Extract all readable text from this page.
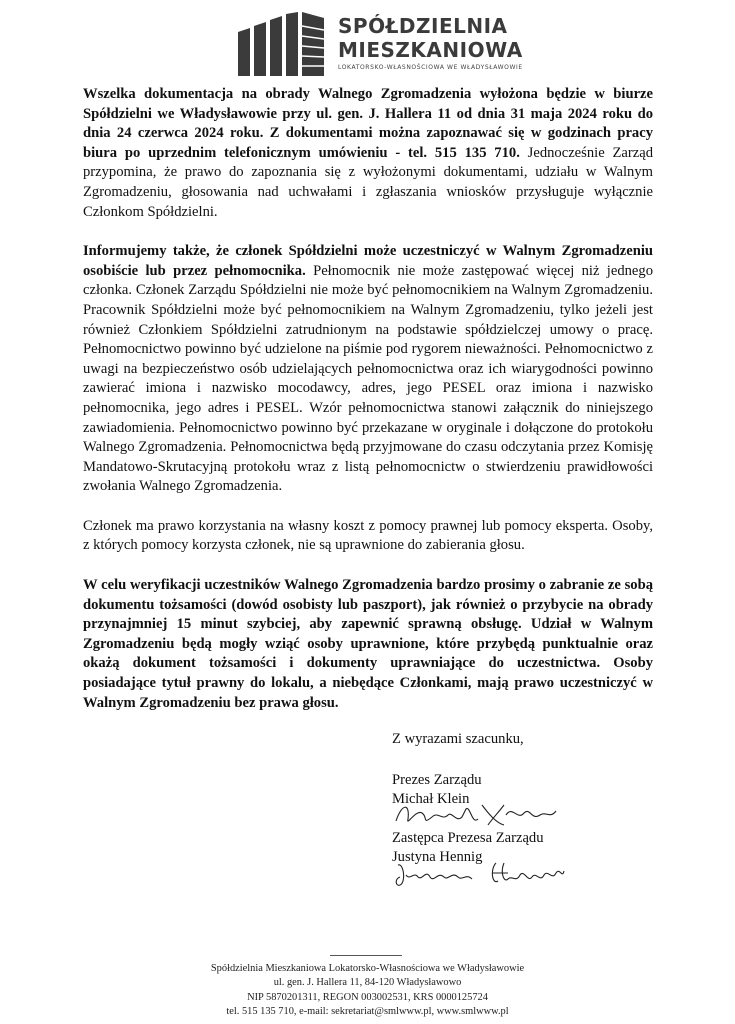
SPÓŁDZIELNIA
MIESZKANIOWA
LOKATORSKO-WŁASNOŚCIOWA WE WŁADYSŁAWOWIE

Wszelka dokumentacja na obrady Walnego Zgromadzenia wyłożona będzie w biurze Spółdzielni we Władysławowie przy ul. gen. J. Hallera 11 od dnia 31 maja 2024 roku do dnia 24 czerwca 2024 roku. Z dokumentami można zapoznawać się w godzinach pracy biura po uprzednim telefonicznym umówieniu - tel. 515 135 710. Jednocześnie Zarząd przypomina, że prawo do zapoznania się z wyłożonymi dokumentami, udziału w Walnym Zgromadzeniu, głosowania nad uchwałami i zgłaszania wniosków przysługuje wyłącznie Członkom Spółdzielni.

Informujemy także, że członek Spółdzielni może uczestniczyć w Walnym Zgromadzeniu osobiście lub przez pełnomocnika. Pełnomocnik nie może zastępować więcej niż jednego członka. Członek Zarządu Spółdzielni nie może być pełnomocnikiem na Walnym Zgromadzeniu. Pracownik Spółdzielni może być pełnomocnikiem na Walnym Zgromadzeniu, tylko jeżeli jest również Członkiem Spółdzielni zatrudnionym na podstawie spółdzielczej umowy o pracę. Pełnomocnictwo powinno być udzielone na piśmie pod rygorem nieważności. Pełnomocnictwo z uwagi na bezpieczeństwo osób udzielających pełnomocnictwa oraz ich wiarygodności powinno zawierać imiona i nazwisko mocodawcy, adres, jego PESEL oraz imiona i nazwisko pełnomocnika, jego adres i PESEL. Wzór pełnomocnictwa stanowi załącznik do niniejszego zawiadomienia. Pełnomocnictwo powinno być przekazane w oryginale i dołączone do protokołu Walnego Zgromadzenia. Pełnomocnictwa będą przyjmowane do czasu odczytania przez Komisję Mandatowo-Skrutacyjną protokołu wraz z listą pełnomocnictw o stwierdzeniu prawidłowości zwołania Walnego Zgromadzenia.

Członek ma prawo korzystania na własny koszt z pomocy prawnej lub pomocy eksperta. Osoby, z których pomocy korzysta członek, nie są uprawnione do zabierania głosu.

W celu weryfikacji uczestników Walnego Zgromadzenia bardzo prosimy o zabranie ze sobą dokumentu tożsamości (dowód osobisty lub paszport), jak również o przybycie na obrady przynajmniej 15 minut szybciej, aby zapewnić sprawną obsługę. Udział w Walnym Zgromadzeniu będą mogły wziąć osoby uprawnione, które przybędą punktualnie oraz okażą dokument tożsamości i dokumenty uprawniające do uczestnictwa. Osoby posiadające tytuł prawny do lokalu, a niebędące Członkami, mają prawo uczestniczyć w Walnym Zgromadzeniu bez prawa głosu.

Z wyrazami szacunku,
Prezes Zarządu
Michał Klein
Zastępca Prezesa Zarządu
Justyna Hennig
Spółdzielnia Mieszkaniowa Lokatorsko-Własnościowa we Władysławowie
ul. gen. J. Hallera 11, 84-120 Władysławowo
NIP 5870201311, REGON 003002531, KRS 0000125724
tel. 515 135 710, e-mail: sekretariat@smlwww.pl, www.smlwww.pl
